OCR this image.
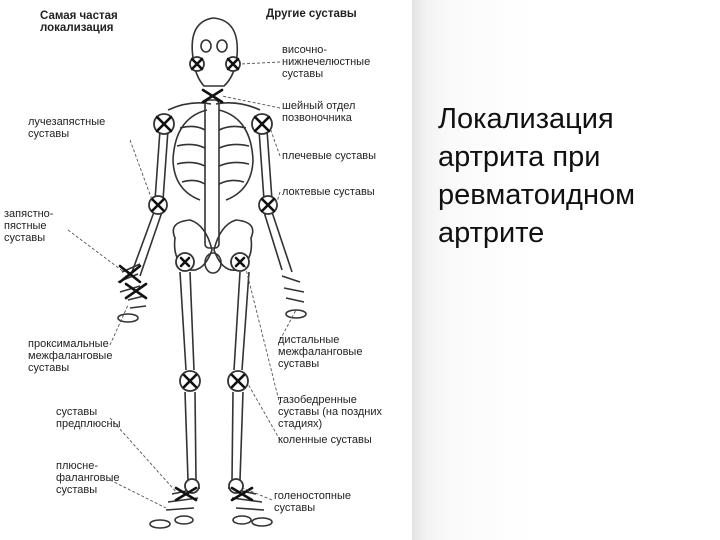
Самая частая
локализация
Другие суставы
лучезапястные
суставы
запястно-
пястные
суставы
проксимальные
межфаланговые
суставы
суставы
предплюсны
плюсне-
фаланговые
суставы
височно-
нижнечелюстные
суставы
шейный отдел
позвоночника
плечевые суставы
локтевые суставы
дистальные
межфаланговые
суставы
тазобедренные
суставы (на поздних
стадиях)
коленные суставы
голеностопные
суставы
Локализация
артрита при
ревматоидном
артрите
